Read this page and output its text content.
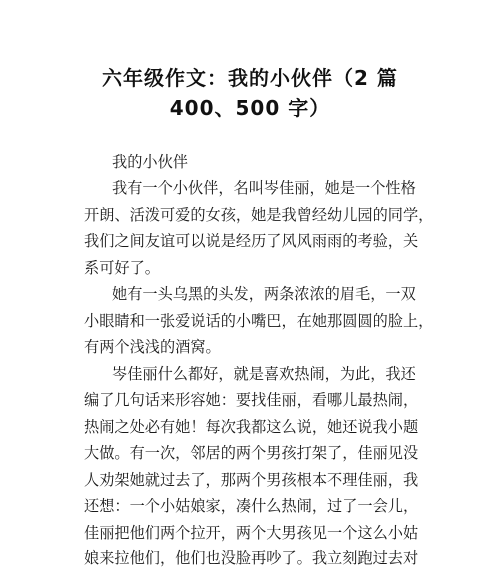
六年级作文：我的小伙伴（2 篇
400、500 字）

我的小伙伴

我有一个小伙伴，名叫岑佳丽，她是一个性格

开朗、活泼可爱的女孩，她是我曾经幼儿园的同学，

我们之间友谊可以说是经历了风风雨雨的考验，关

系可好了。

她有一头乌黑的头发，两条浓浓的眉毛，一双

小眼睛和一张爱说话的小嘴巴，在她那圆圆的脸上，

有两个浅浅的酒窝。

岑佳丽什么都好，就是喜欢热闹，为此，我还

编了几句话来形容她：要找佳丽，看哪儿最热闹，

热闹之处必有她！每次我都这么说，她还说我小题

大做。有一次，邻居的两个男孩打架了，佳丽见没

人劝架她就过去了，那两个男孩根本不理佳丽，我

还想：一个小姑娘家，凑什么热闹，过了一会儿，

佳丽把他们两个拉开，两个大男孩见一个这么小姑

娘来拉他们，他们也没脸再吵了。我立刻跑过去对
